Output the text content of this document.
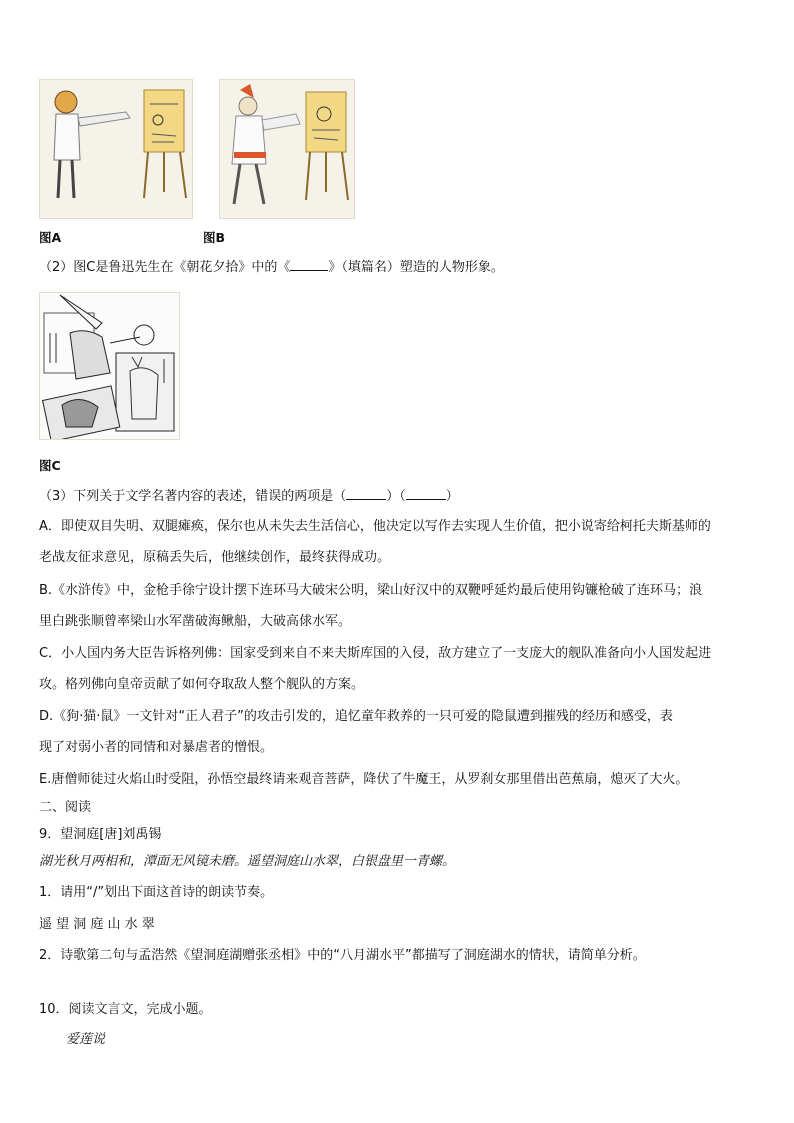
图A	图B
（2）图C是鲁迅先生在《朝花夕拾》中的《	》（填篇名）塑造的人物形象。
图C
（3）下列关于文学名著内容的表述，错误的两项是（	）（	）
A．即使双目失明、双腿瘫痪，保尔也从未失去生活信心，他决定以写作去实现人生价值，把小说寄给柯托夫斯基师的
老战友征求意见，原稿丢失后，他继续创作，最终获得成功。
B.《水浒传》中，金枪手徐宁设计摆下连环马大破宋公明，梁山好汉中的双鞭呼延灼最后使用钩镰枪破了连环马；浪
里白跳张顺曾率梁山水军凿破海鳅船，大破高俅水军。
C．小人国内务大臣告诉格列佛：国家受到来自不来夫斯库国的入侵，敌方建立了一支庞大的舰队准备向小人国发起进
攻。格列佛向皇帝贡献了如何夺取敌人整个舰队的方案。
D.《狗·猫·鼠》一文针对“正人君子”的攻击引发的，追忆童年救养的一只可爱的隐鼠遭到摧残的经历和感受，表
现了对弱小者的同情和对暴虐者的憎恨。
E.唐僧师徒过火焰山时受阻，孙悟空最终请来观音菩萨，降伏了牛魔王，从罗刹女那里借出芭蕉扇，熄灭了大火。
二、阅读
9．望洞庭[唐]刘禹锡
湖光秋月两相和，潭面无风镜未磨。遥望洞庭山水翠，白银盘里一青螺。
1．请用“/”划出下面这首诗的朗读节奏。
遥 望 洞 庭 山 水 翠
2．诗歌第二句与孟浩然《望洞庭湖赠张丞相》中的“八月湖水平”都描写了洞庭湖水的情状，请简单分析。
10．阅读文言文，完成小题。
爱莲说
